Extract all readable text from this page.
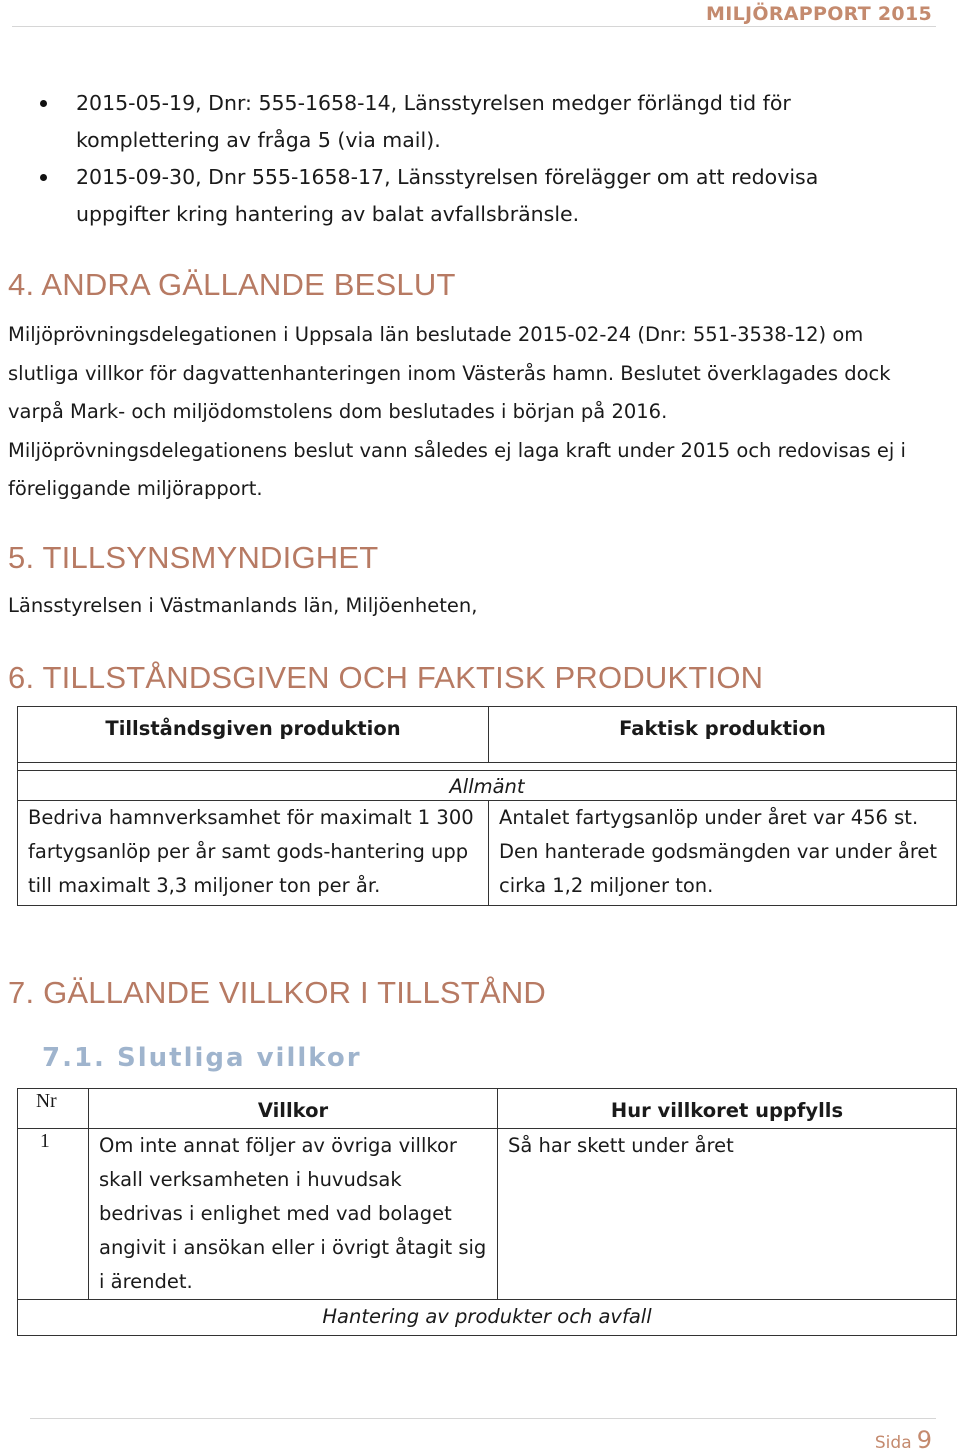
MILJÖRAPPORT 2015
2015-05-19, Dnr: 555-1658-14, Länsstyrelsen medger förlängd tid för komplettering av fråga 5 (via mail).
2015-09-30, Dnr 555-1658-17, Länsstyrelsen förelägger om att redovisa uppgifter kring hantering av balat avfallsbränsle.
4. ANDRA GÄLLANDE BESLUT

Miljöprövningsdelegationen i Uppsala län beslutade 2015-02-24 (Dnr: 551-3538-12) om slutliga villkor för dagvattenhanteringen inom Västerås hamn. Beslutet överklagades dock varpå Mark- och miljödomstolens dom beslutades i början på 2016. Miljöprövningsdelegationens beslut vann således ej laga kraft under 2015 och redovisas ej i föreliggande miljörapport.

5. TILLSYNSMYNDIGHET

Länsstyrelsen i Västmanlands län, Miljöenheten,

6. TILLSTÅNDSGIVEN OCH FAKTISK PRODUKTION
Tillståndsgiven produktion	Faktisk produktion

Allmänt	
Bedriva hamnverksamhet för maximalt 1 300 fartygsanlöp per år samt gods-hantering upp till maximalt 3,3 miljoner ton per år.	Antalet fartygsanlöp under året var 456 st.
Den hanterade godsmängden var under året cirka 1,2 miljoner ton.
7. GÄLLANDE VILLKOR I TILLSTÅND
7.1. Slutliga villkor
Nr	Villkor	Hur villkoret uppfylls
1	Om inte annat följer av övriga villkor skall verksamheten i huvudsak bedrivas i enlighet med vad bolaget angivit i ansökan eller i övrigt åtagit sig i ärendet.	Så har skett under året
Hantering av produkter och avfall		
Sida 9
